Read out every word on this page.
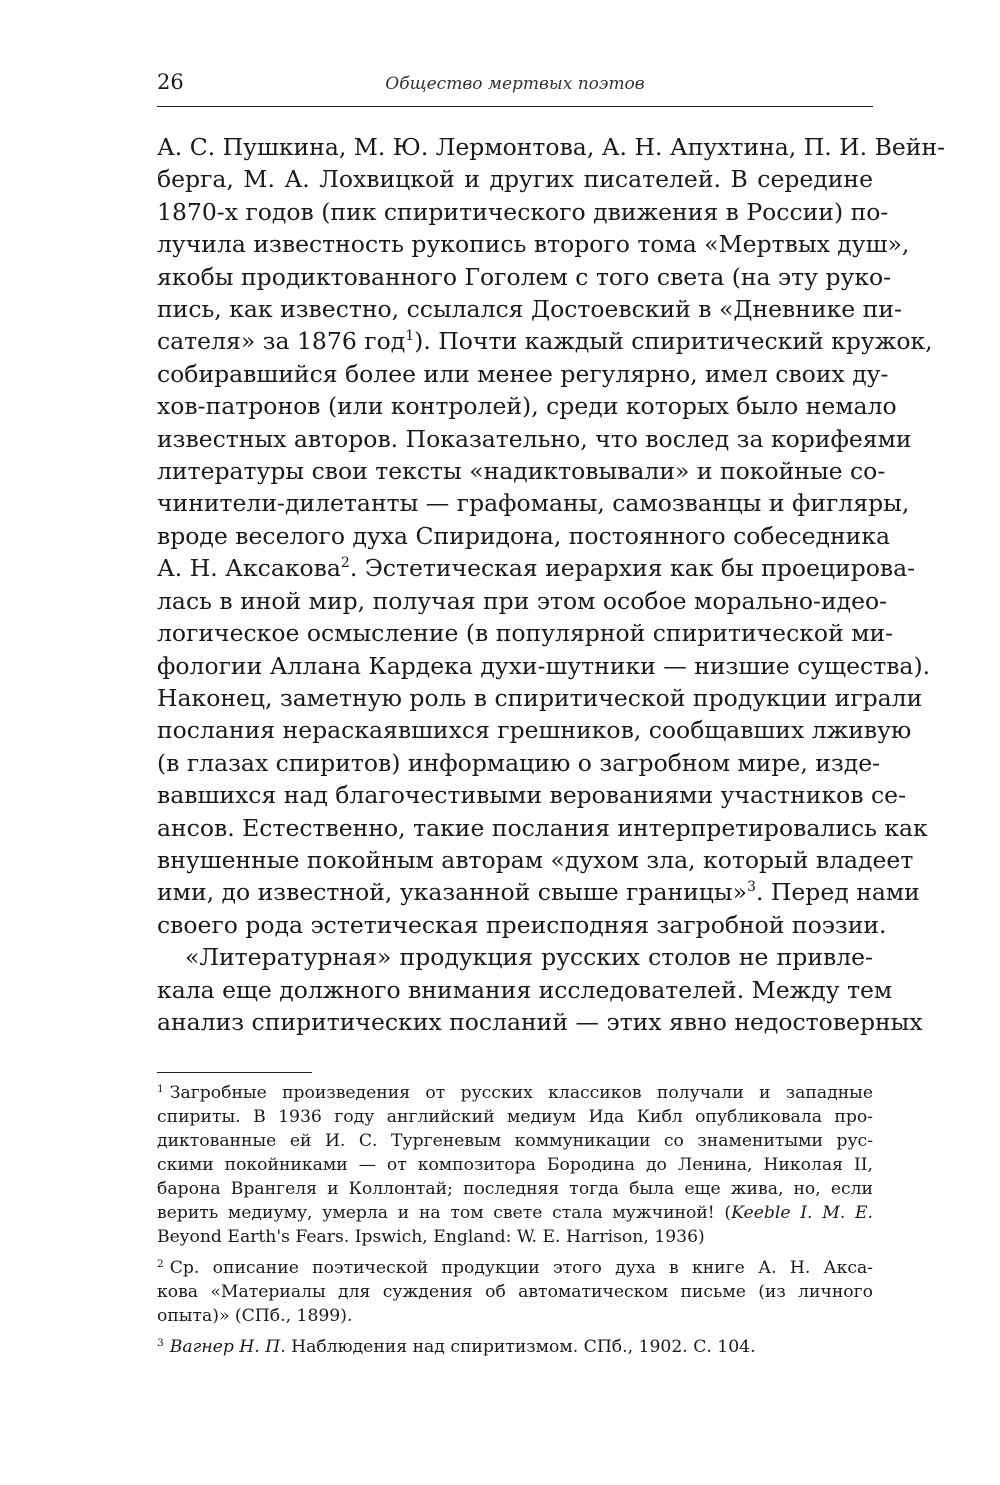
26	Общество мертвых поэтов

А. С. Пушкина, М. Ю. Лермонтова, А. Н. Апухтина, П. И. Вейн-
берга, М. А. Лохвицкой и других писателей. В середине
1870-х годов (пик спиритического движения в России) по-
лучила известность рукопись второго тома «Мертвых душ»,
якобы продиктованного Гоголем с того света (на эту руко-
пись, как известно, ссылался Достоевский в «Дневнике пи-
сателя» за 1876 год$^1$). Почти каждый спиритический кружок,
собиравшийся более или менее регулярно, имел своих ду-
хов-патронов (или контролей), среди которых было немало
известных авторов. Показательно, что вослед за корифеями
литературы свои тексты «надиктовывали» и покойные со-
чинители-дилетанты — графоманы, самозванцы и фигляры,
вроде веселого духа Спиридона, постоянного собеседника
А. Н. Аксакова$^2$. Эстетическая иерархия как бы проецирова-
лась в иной мир, получая при этом особое морально-идео-
логическое осмысление (в популярной спиритической ми-
фологии Аллана Кардека духи-шутники — низшие существа).
Наконец, заметную роль в спиритической продукции играли
послания нераскаявшихся грешников, сообщавших лживую
(в глазах спиритов) информацию о загробном мире, изде-
вавшихся над благочестивыми верованиями участников се-
ансов. Естественно, такие послания интерпретировались как
внушенные покойным авторам «духом зла, который владеет
ими, до известной, указанной свыше границы»$^3$. Перед нами
своего рода эстетическая преисподняя загробной поэзии.

«Литературная» продукция русских столов не привле-
кала еще должного внимания исследователей. Между тем
анализ спиритических посланий — этих явно недостоверных

$^1$ Загробные произведения от русских классиков получали и западные
спириты. В 1936 году английский медиум Ида Кибл опубликовала про-
диктованные ей И. С. Тургеневым коммуникации со знаменитыми рус-
скими покойниками — от композитора Бородина до Ленина, Николая II,
барона Врангеля и Коллонтай; последняя тогда была еще жива, но, если
верить медиуму, умерла и на том свете стала мужчиной! (Keeble I. M. E.
Beyond Earth's Fears. Ipswich, England: W. E. Harrison, 1936)
$^2$ Ср. описание поэтической продукции этого духа в книге А. Н. Акса-
кова «Материалы для суждения об автоматическом письме (из личного
опыта)» (СПб., 1899).
$^3$ Вагнер Н. П. Наблюдения над спиритизмом. СПб., 1902. С. 104.
